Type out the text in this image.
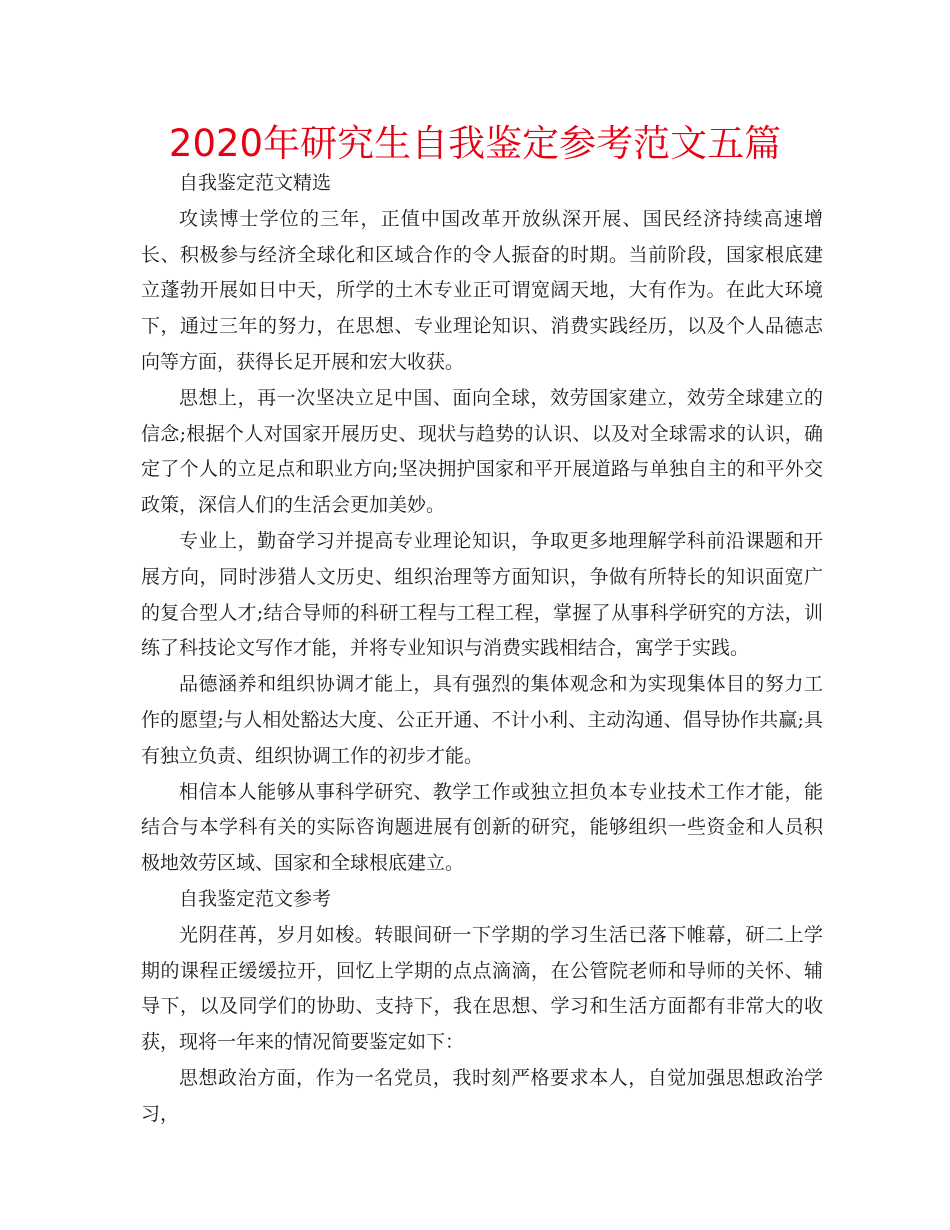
2020年研究生自我鉴定参考范文五篇

自我鉴定范文精选

攻读博士学位的三年，正值中国改革开放纵深开展、国民经济持续高速增长、积极参与经济全球化和区域合作的令人振奋的时期。当前阶段，国家根底建立蓬勃开展如日中天，所学的土木专业正可谓宽阔天地，大有作为。在此大环境下，通过三年的努力，在思想、专业理论知识、消费实践经历，以及个人品德志向等方面，获得长足开展和宏大收获。

思想上，再一次坚决立足中国、面向全球，效劳国家建立，效劳全球建立的信念;根据个人对国家开展历史、现状与趋势的认识、以及对全球需求的认识，确定了个人的立足点和职业方向;坚决拥护国家和平开展道路与单独自主的和平外交政策，深信人们的生活会更加美妙。

专业上，勤奋学习并提高专业理论知识，争取更多地理解学科前沿课题和开展方向，同时涉猎人文历史、组织治理等方面知识，争做有所特长的知识面宽广的复合型人才;结合导师的科研工程与工程工程，掌握了从事科学研究的方法，训练了科技论文写作才能，并将专业知识与消费实践相结合，寓学于实践。

品德涵养和组织协调才能上，具有强烈的集体观念和为实现集体目的努力工作的愿望;与人相处豁达大度、公正开通、不计小利、主动沟通、倡导协作共赢;具有独立负责、组织协调工作的初步才能。

相信本人能够从事科学研究、教学工作或独立担负本专业技术工作才能，能结合与本学科有关的实际咨询题进展有创新的研究，能够组织一些资金和人员积极地效劳区域、国家和全球根底建立。

自我鉴定范文参考

光阴荏苒，岁月如梭。转眼间研一下学期的学习生活已落下帷幕，研二上学期的课程正缓缓拉开，回忆上学期的点点滴滴，在公管院老师和导师的关怀、辅导下，以及同学们的协助、支持下，我在思想、学习和生活方面都有非常大的收获，现将一年来的情况简要鉴定如下：

思想政治方面，作为一名党员，我时刻严格要求本人，自觉加强思想政治学习，
